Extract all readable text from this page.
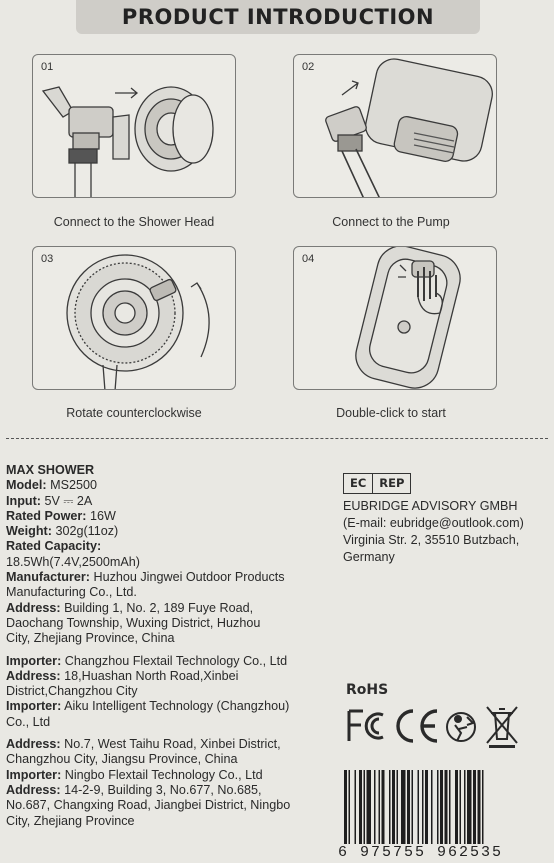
PRODUCT INTRODUCTION
01
Connect to the Shower Head
02
Connect to the Pump
03
Rotate counterclockwise
04
Double-click to start
MAX SHOWER
Model: MS2500
Input: 5V ⎓ 2A
Rated Power: 16W
Weight: 302g(11oz)
Rated Capacity:
18.5Wh(7.4V,2500mAh)
Manufacturer: Huzhou Jingwei Outdoor Products
Manufacturing Co., Ltd.
Address: Building 1, No. 2, 189 Fuye Road,
Daochang Township, Wuxing District, Huzhou
City, Zhejiang Province, China
Importer: Changzhou Flextail Technology Co., Ltd
Address: 18,Huashan North Road,Xinbei
District,Changzhou City
Importer: Aiku Intelligent Technology (Changzhou)
Co., Ltd
Address: No.7, West Taihu Road, Xinbei District,
Changzhou City, Jiangsu Province, China
Importer: Ningbo Flextail Technology Co., Ltd
Address: 14-2-9, Building 3, No.677, No.685,
No.687, Changxing Road, Jiangbei District, Ningbo
City, Zhejiang Province
EC	REP
EUBRIDGE ADVISORY GMBH
(E-mail: eubridge@outlook.com)
Virginia Str. 2, 35510 Butzbach,
Germany
RoHS
6 975755 962535
